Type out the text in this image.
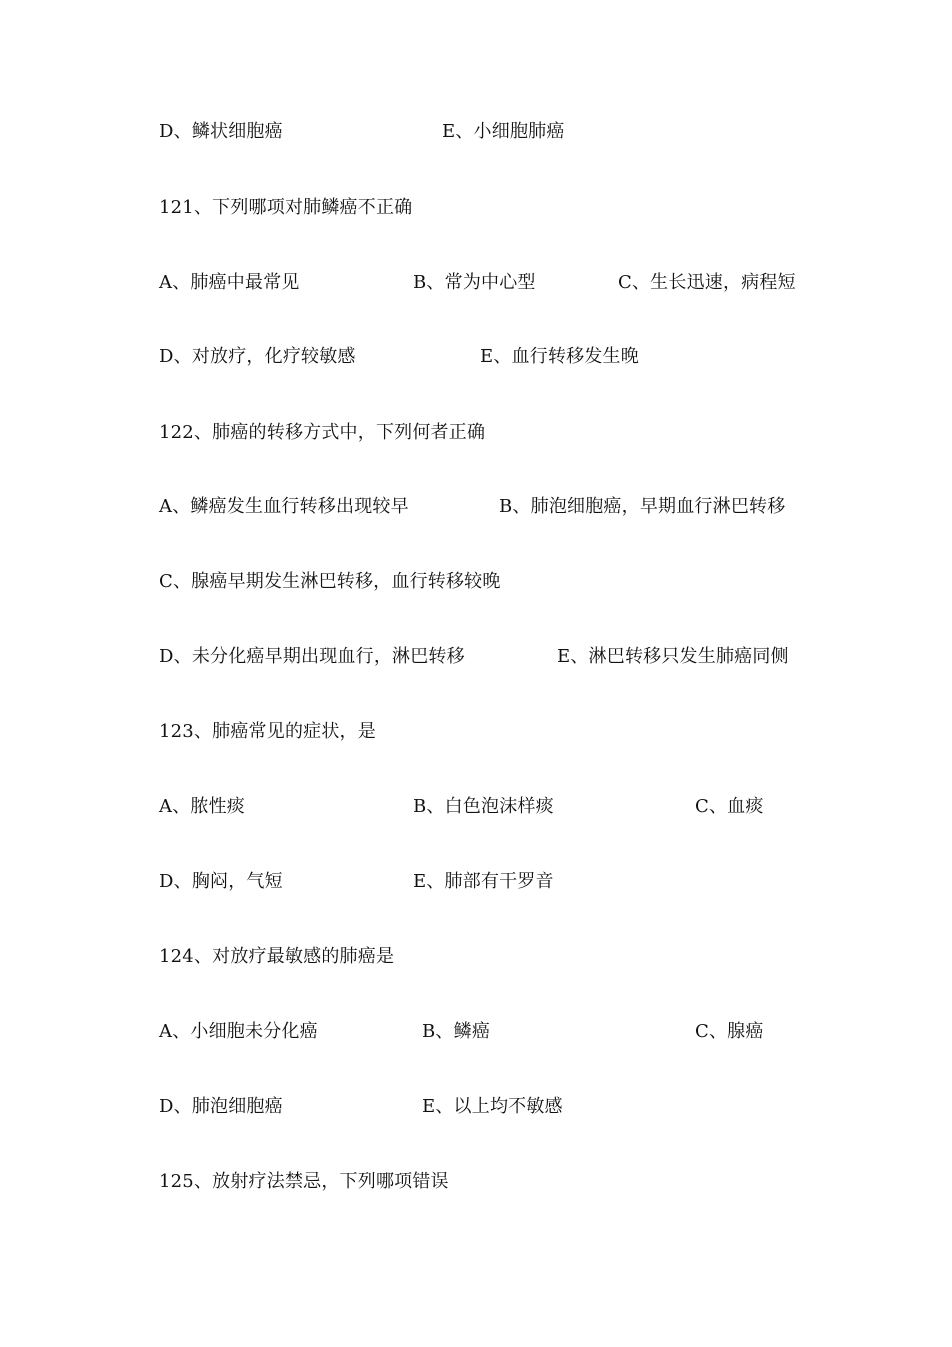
D、鳞状细胞癌	E、小细胞肺癌
121、下列哪项对肺鳞癌不正确
A、肺癌中最常见	B、常为中心型	C、生长迅速，病程短
D、对放疗，化疗较敏感	E、血行转移发生晚
122、肺癌的转移方式中，下列何者正确
A、鳞癌发生血行转移出现较早	B、肺泡细胞癌，早期血行淋巴转移
C、腺癌早期发生淋巴转移，血行转移较晚
D、未分化癌早期出现血行，淋巴转移	E、淋巴转移只发生肺癌同侧
123、肺癌常见的症状，是
A、脓性痰	B、白色泡沫样痰	C、血痰
D、胸闷，气短	E、肺部有干罗音
124、对放疗最敏感的肺癌是
A、小细胞未分化癌	B、鳞癌	C、腺癌
D、肺泡细胞癌	E、以上均不敏感
125、放射疗法禁忌，下列哪项错误
